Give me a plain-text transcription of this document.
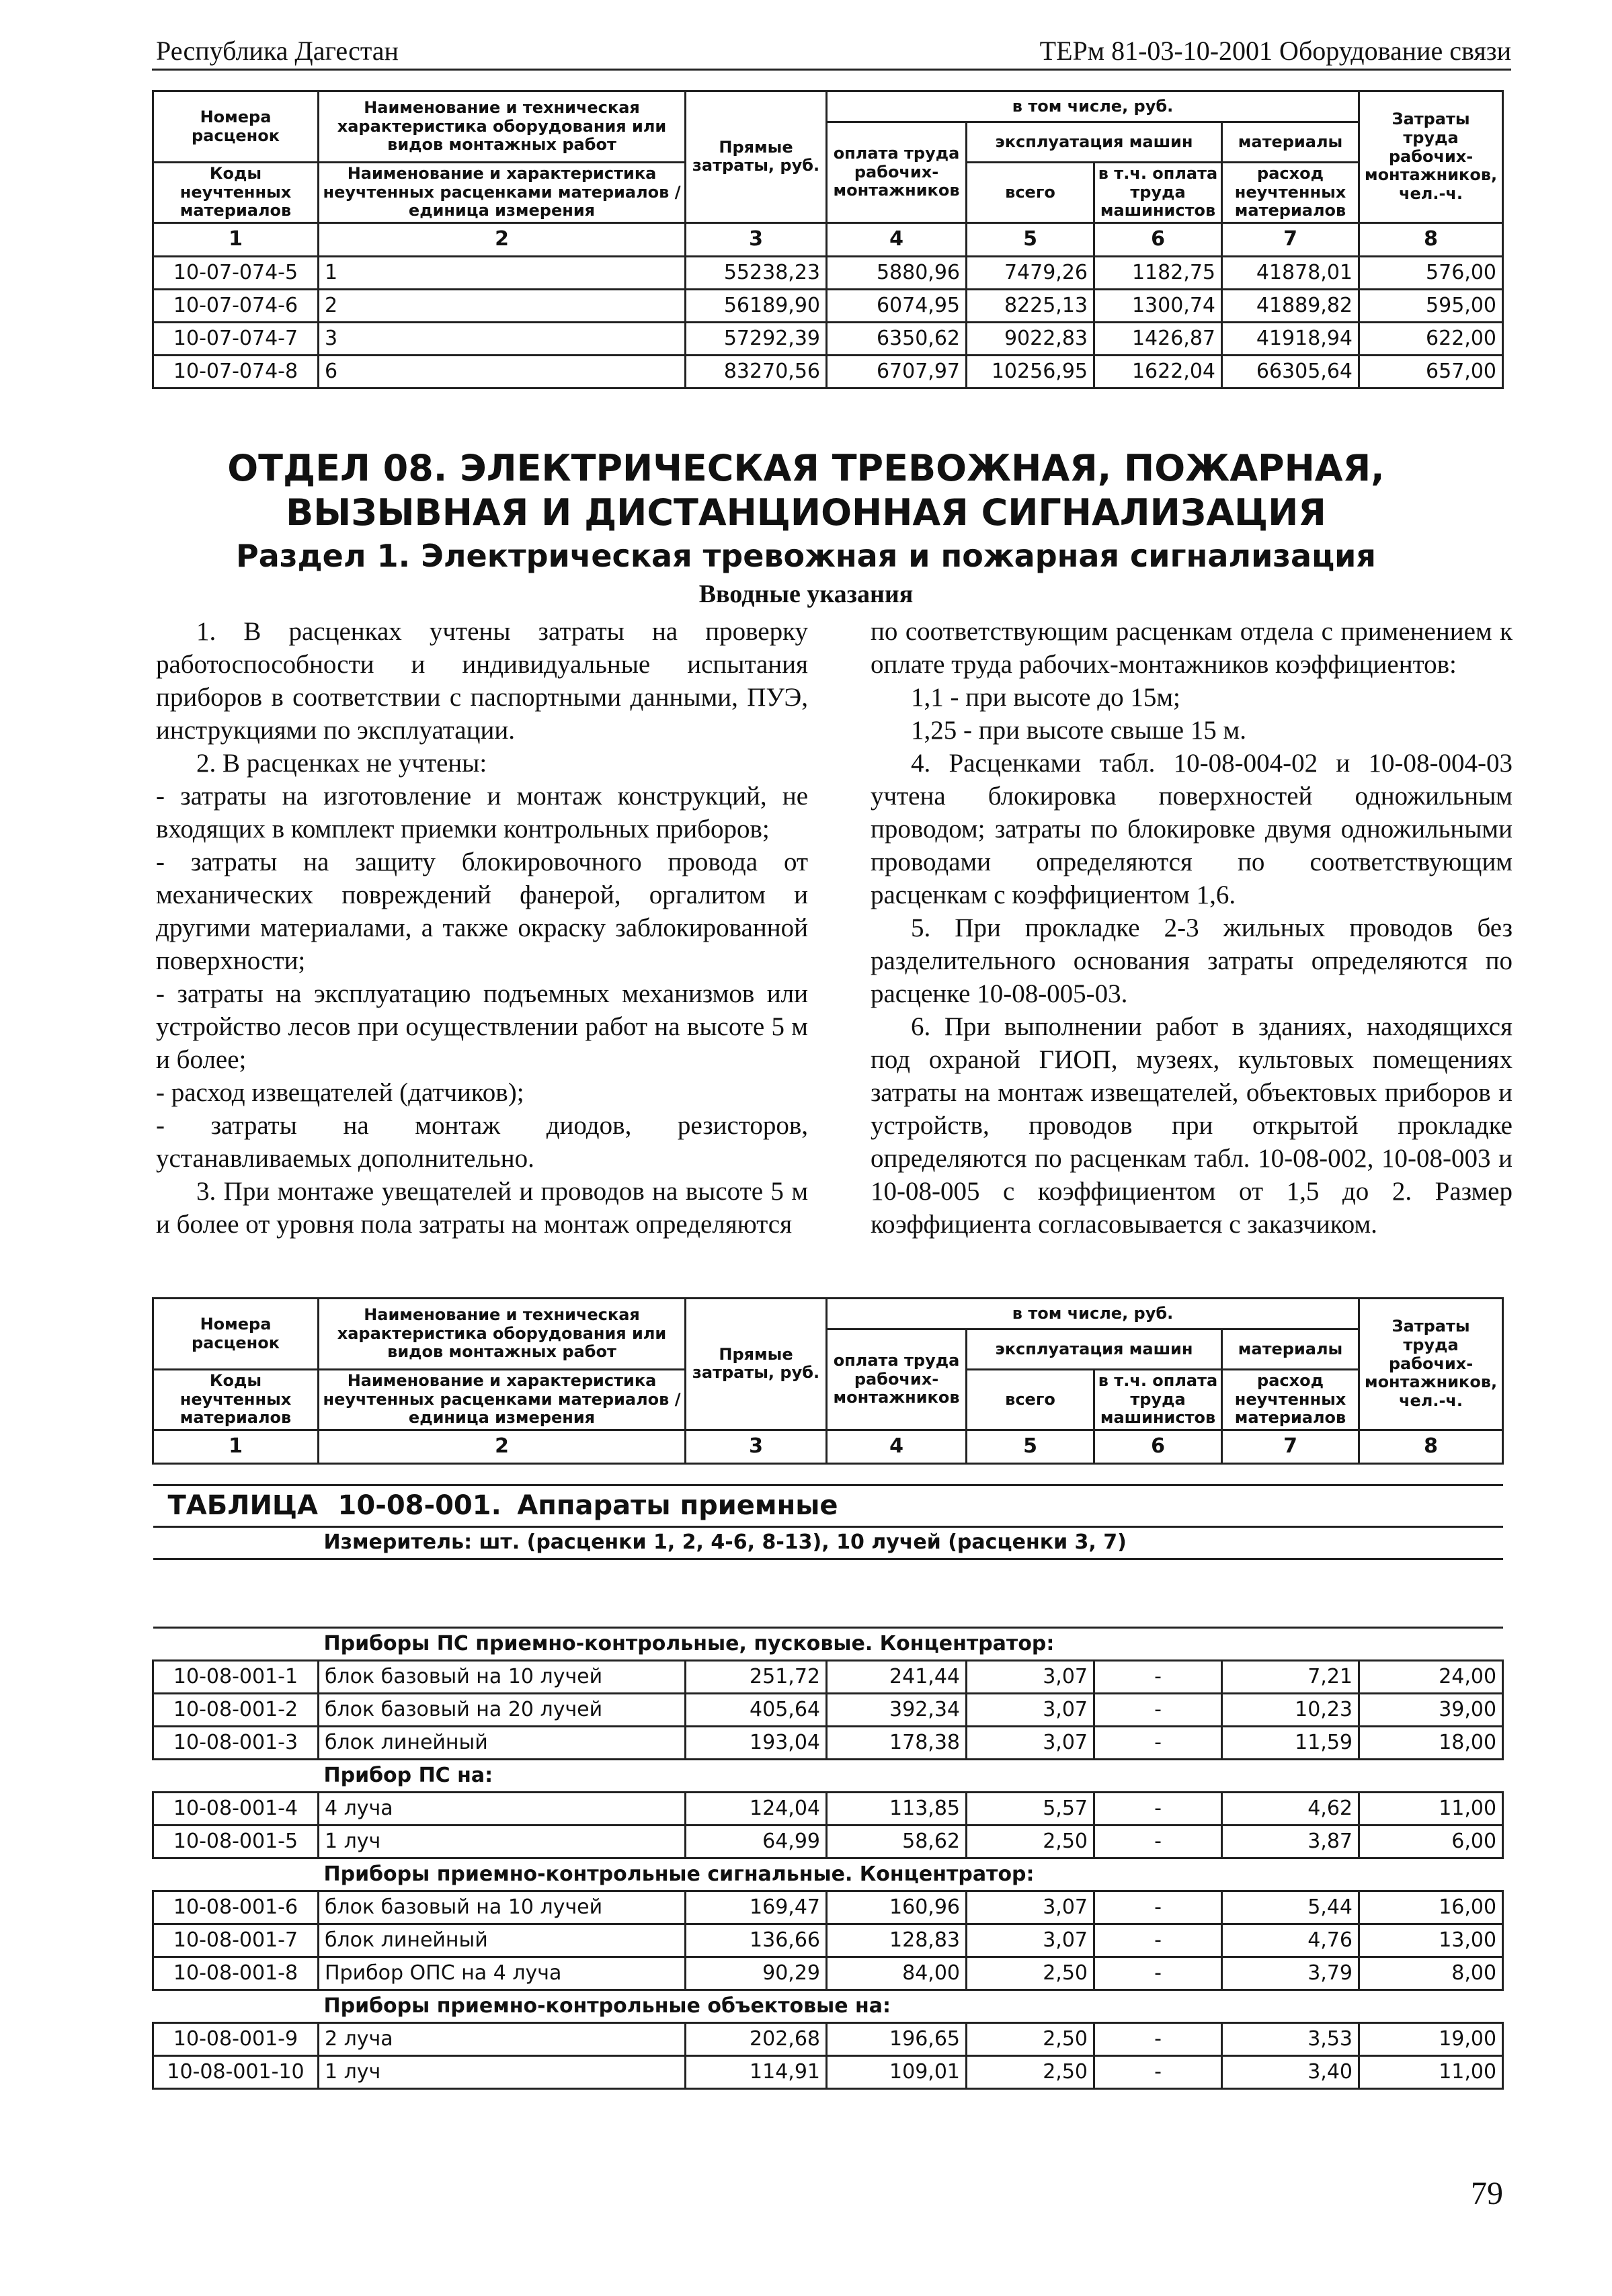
Республика Дагестан	ТЕРм 81-03-10-2001 Оборудование связи
Номера расценок	Наименование и техническая характеристика оборудования или видов монтажных работ	Прямые затраты, руб.	в том числе, руб.				Затраты труда рабочих-монтажников, чел.-ч.
			оплата труда рабочих-монтажников	эксплуатация машин		материалы	
Коды неучтенных материалов	Наименование и характеристика неучтенных расценками материалов / единица измерения			всего	в т.ч. оплата труда машинистов	расход неучтенных материалов	

1	2	3	4	5	6	7	8
10-07-074-5	1	55238,23	5880,96	7479,26	1182,75	41878,01	576,00
10-07-074-6	2	56189,90	6074,95	8225,13	1300,74	41889,82	595,00
10-07-074-7	3	57292,39	6350,62	9022,83	1426,87	41918,94	622,00
10-07-074-8	6	83270,56	6707,97	10256,95	1622,04	66305,64	657,00
ОТДЕЛ 08. ЭЛЕКТРИЧЕСКАЯ ТРЕВОЖНАЯ, ПОЖАРНАЯ,
ВЫЗЫВНАЯ И ДИСТАНЦИОННАЯ СИГНАЛИЗАЦИЯ
Раздел 1. Электрическая тревожная и пожарная сигнализация
Вводные указания

1. В расценках учтены затраты на проверку работоспособности и индивидуальные испытания приборов в соответствии с паспортными данными, ПУЭ, инструкциями по эксплуатации.

2. В расценках не учтены:

- затраты на изготовление и монтаж конструкций, не входящих в комплект приемки контрольных приборов;

- затраты на защиту блокировочного провода от механических повреждений фанерой, оргалитом и другими материалами, а также окраску заблокированной поверхности;

- затраты на эксплуатацию подъемных механизмов или устройство лесов при осуществлении работ на высоте 5 м и более;

- расход извещателей (датчиков);

- затраты на монтаж диодов, резисторов, устанавливаемых дополнительно.

3. При монтаже увещателей и проводов на высоте 5 м и более от уровня пола затраты на монтаж определяются

по соответствующим расценкам отдела с применением к оплате труда рабочих-монтажников коэффициентов:

1,1 - при высоте до 15м;

1,25 - при высоте свыше 15 м.

4. Расценками табл. 10-08-004-02 и 10-08-004-03 учтена блокировка поверхностей одножильным проводом; затраты по блокировке двумя одножильными проводами определяются по соответствующим расценкам с коэффициентом 1,6.

5. При прокладке 2-3 жильных проводов без разделительного основания затраты определяются по расценке 10-08-005-03.

6. При выполнении работ в зданиях, находящихся под охраной ГИОП, музеях, культовых помещениях затраты на монтаж извещателей, объектовых приборов и устройств, проводов при открытой прокладке определяются по расценкам табл. 10-08-002, 10-08-003 и 10-08-005 с коэффициентом от 1,5 до 2. Размер коэффициента согласовывается с заказчиком.

Номера расценок	Наименование и техническая характеристика оборудования или видов монтажных работ	Прямые затраты, руб.	в том числе, руб.				Затраты труда рабочих-монтажников, чел.-ч.
			оплата труда рабочих-монтажников	эксплуатация машин		материалы	
Коды неучтенных материалов	Наименование и характеристика неучтенных расценками материалов / единица измерения			всего	в т.ч. оплата труда машинистов	расход неучтенных материалов	

1	2	3	4	5	6	7	8

ТАБЛИЦА 10-08-001. Аппараты приемные							
	Измеритель: шт. (расценки 1, 2, 4-6, 8-13), 10 лучей (расценки 3, 7)						
	Приборы ПС приемно-контрольные, пусковые. Концентратор:						
10-08-001-1	блок базовый на 10 лучей	251,72	241,44	3,07	-	7,21	24,00
10-08-001-2	блок базовый на 20 лучей	405,64	392,34	3,07	-	10,23	39,00
10-08-001-3	блок линейный	193,04	178,38	3,07	-	11,59	18,00
	Прибор ПС на:						
10-08-001-4	4 луча	124,04	113,85	5,57	-	4,62	11,00
10-08-001-5	1 луч	64,99	58,62	2,50	-	3,87	6,00
	Приборы приемно-контрольные сигнальные. Концентратор:						
10-08-001-6	блок базовый на 10 лучей	169,47	160,96	3,07	-	5,44	16,00
10-08-001-7	блок линейный	136,66	128,83	3,07	-	4,76	13,00
10-08-001-8	Прибор ОПС на 4 луча	90,29	84,00	2,50	-	3,79	8,00
	Приборы приемно-контрольные объектовые на:						
10-08-001-9	2 луча	202,68	196,65	2,50	-	3,53	19,00
10-08-001-10	1 луч	114,91	109,01	2,50	-	3,40	11,00
79
